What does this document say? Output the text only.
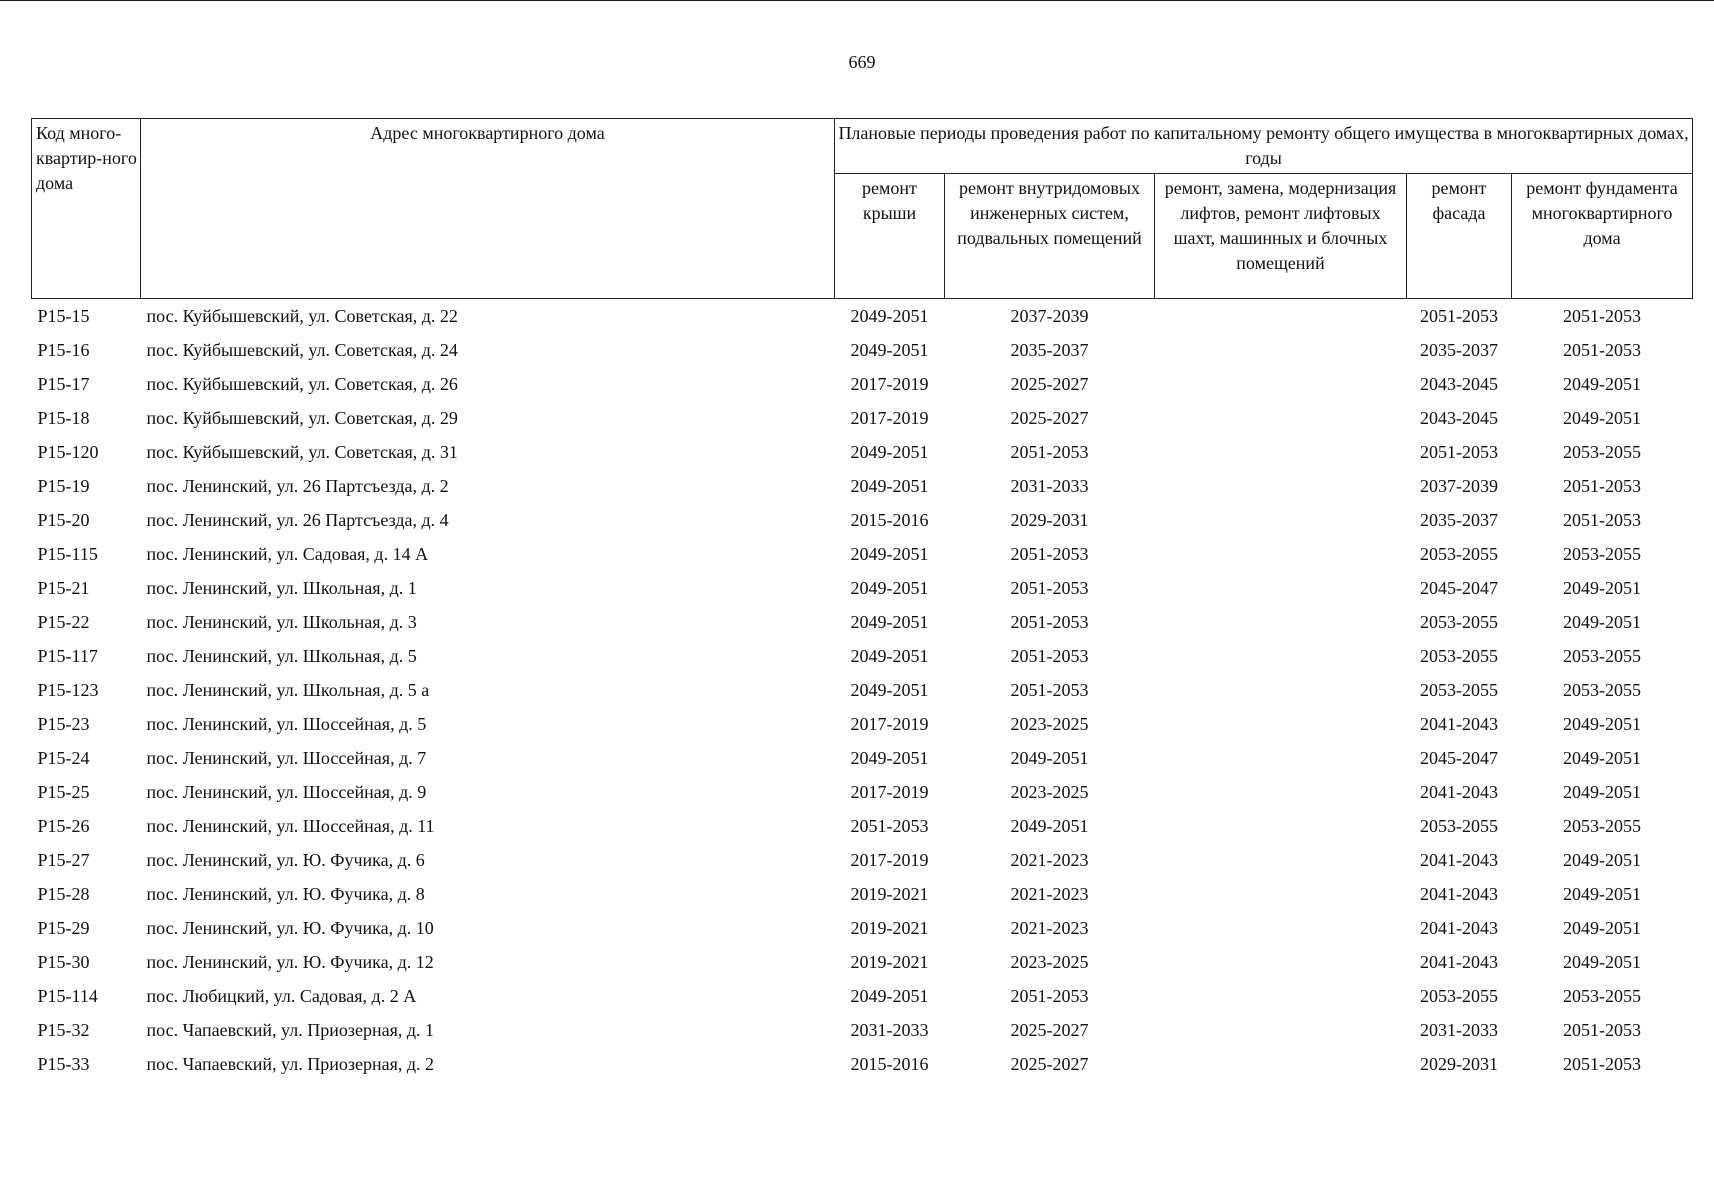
669
Код много-квартир-ного дома	Адрес многоквартирного дома	Плановые периоды проведения работ по капитальному ремонту общего имущества в многоквартирных домах, годы				
		ремонт крыши	ремонт внутридомовых инженерных систем, подвальных помещений	ремонт, замена, модернизация лифтов, ремонт лифтовых шахт, машинных и блочных помещений	ремонт фасада	ремонт фундамента многоквартирного дома
Р15-15	пос. Куйбышевский, ул. Советская, д. 22	2049-2051	2037-2039		2051-2053	2051-2053
Р15-16	пос. Куйбышевский, ул. Советская, д. 24	2049-2051	2035-2037		2035-2037	2051-2053
Р15-17	пос. Куйбышевский, ул. Советская, д. 26	2017-2019	2025-2027		2043-2045	2049-2051
Р15-18	пос. Куйбышевский, ул. Советская, д. 29	2017-2019	2025-2027		2043-2045	2049-2051
Р15-120	пос. Куйбышевский, ул. Советская, д. 31	2049-2051	2051-2053		2051-2053	2053-2055
Р15-19	пос. Ленинский, ул. 26 Партсъезда, д. 2	2049-2051	2031-2033		2037-2039	2051-2053
Р15-20	пос. Ленинский, ул. 26 Партсъезда, д. 4	2015-2016	2029-2031		2035-2037	2051-2053
Р15-115	пос. Ленинский, ул. Садовая, д. 14 А	2049-2051	2051-2053		2053-2055	2053-2055
Р15-21	пос. Ленинский, ул. Школьная, д. 1	2049-2051	2051-2053		2045-2047	2049-2051
Р15-22	пос. Ленинский, ул. Школьная, д. 3	2049-2051	2051-2053		2053-2055	2049-2051
Р15-117	пос. Ленинский, ул. Школьная, д. 5	2049-2051	2051-2053		2053-2055	2053-2055
Р15-123	пос. Ленинский, ул. Школьная, д. 5 а	2049-2051	2051-2053		2053-2055	2053-2055
Р15-23	пос. Ленинский, ул. Шоссейная, д. 5	2017-2019	2023-2025		2041-2043	2049-2051
Р15-24	пос. Ленинский, ул. Шоссейная, д. 7	2049-2051	2049-2051		2045-2047	2049-2051
Р15-25	пос. Ленинский, ул. Шоссейная, д. 9	2017-2019	2023-2025		2041-2043	2049-2051
Р15-26	пос. Ленинский, ул. Шоссейная, д. 11	2051-2053	2049-2051		2053-2055	2053-2055
Р15-27	пос. Ленинский, ул. Ю. Фучика, д. 6	2017-2019	2021-2023		2041-2043	2049-2051
Р15-28	пос. Ленинский, ул. Ю. Фучика, д. 8	2019-2021	2021-2023		2041-2043	2049-2051
Р15-29	пос. Ленинский, ул. Ю. Фучика, д. 10	2019-2021	2021-2023		2041-2043	2049-2051
Р15-30	пос. Ленинский, ул. Ю. Фучика, д. 12	2019-2021	2023-2025		2041-2043	2049-2051
Р15-114	пос. Любицкий, ул. Садовая, д. 2 А	2049-2051	2051-2053		2053-2055	2053-2055
Р15-32	пос. Чапаевский, ул. Приозерная, д. 1	2031-2033	2025-2027		2031-2033	2051-2053
Р15-33	пос. Чапаевский, ул. Приозерная, д. 2	2015-2016	2025-2027		2029-2031	2051-2053
